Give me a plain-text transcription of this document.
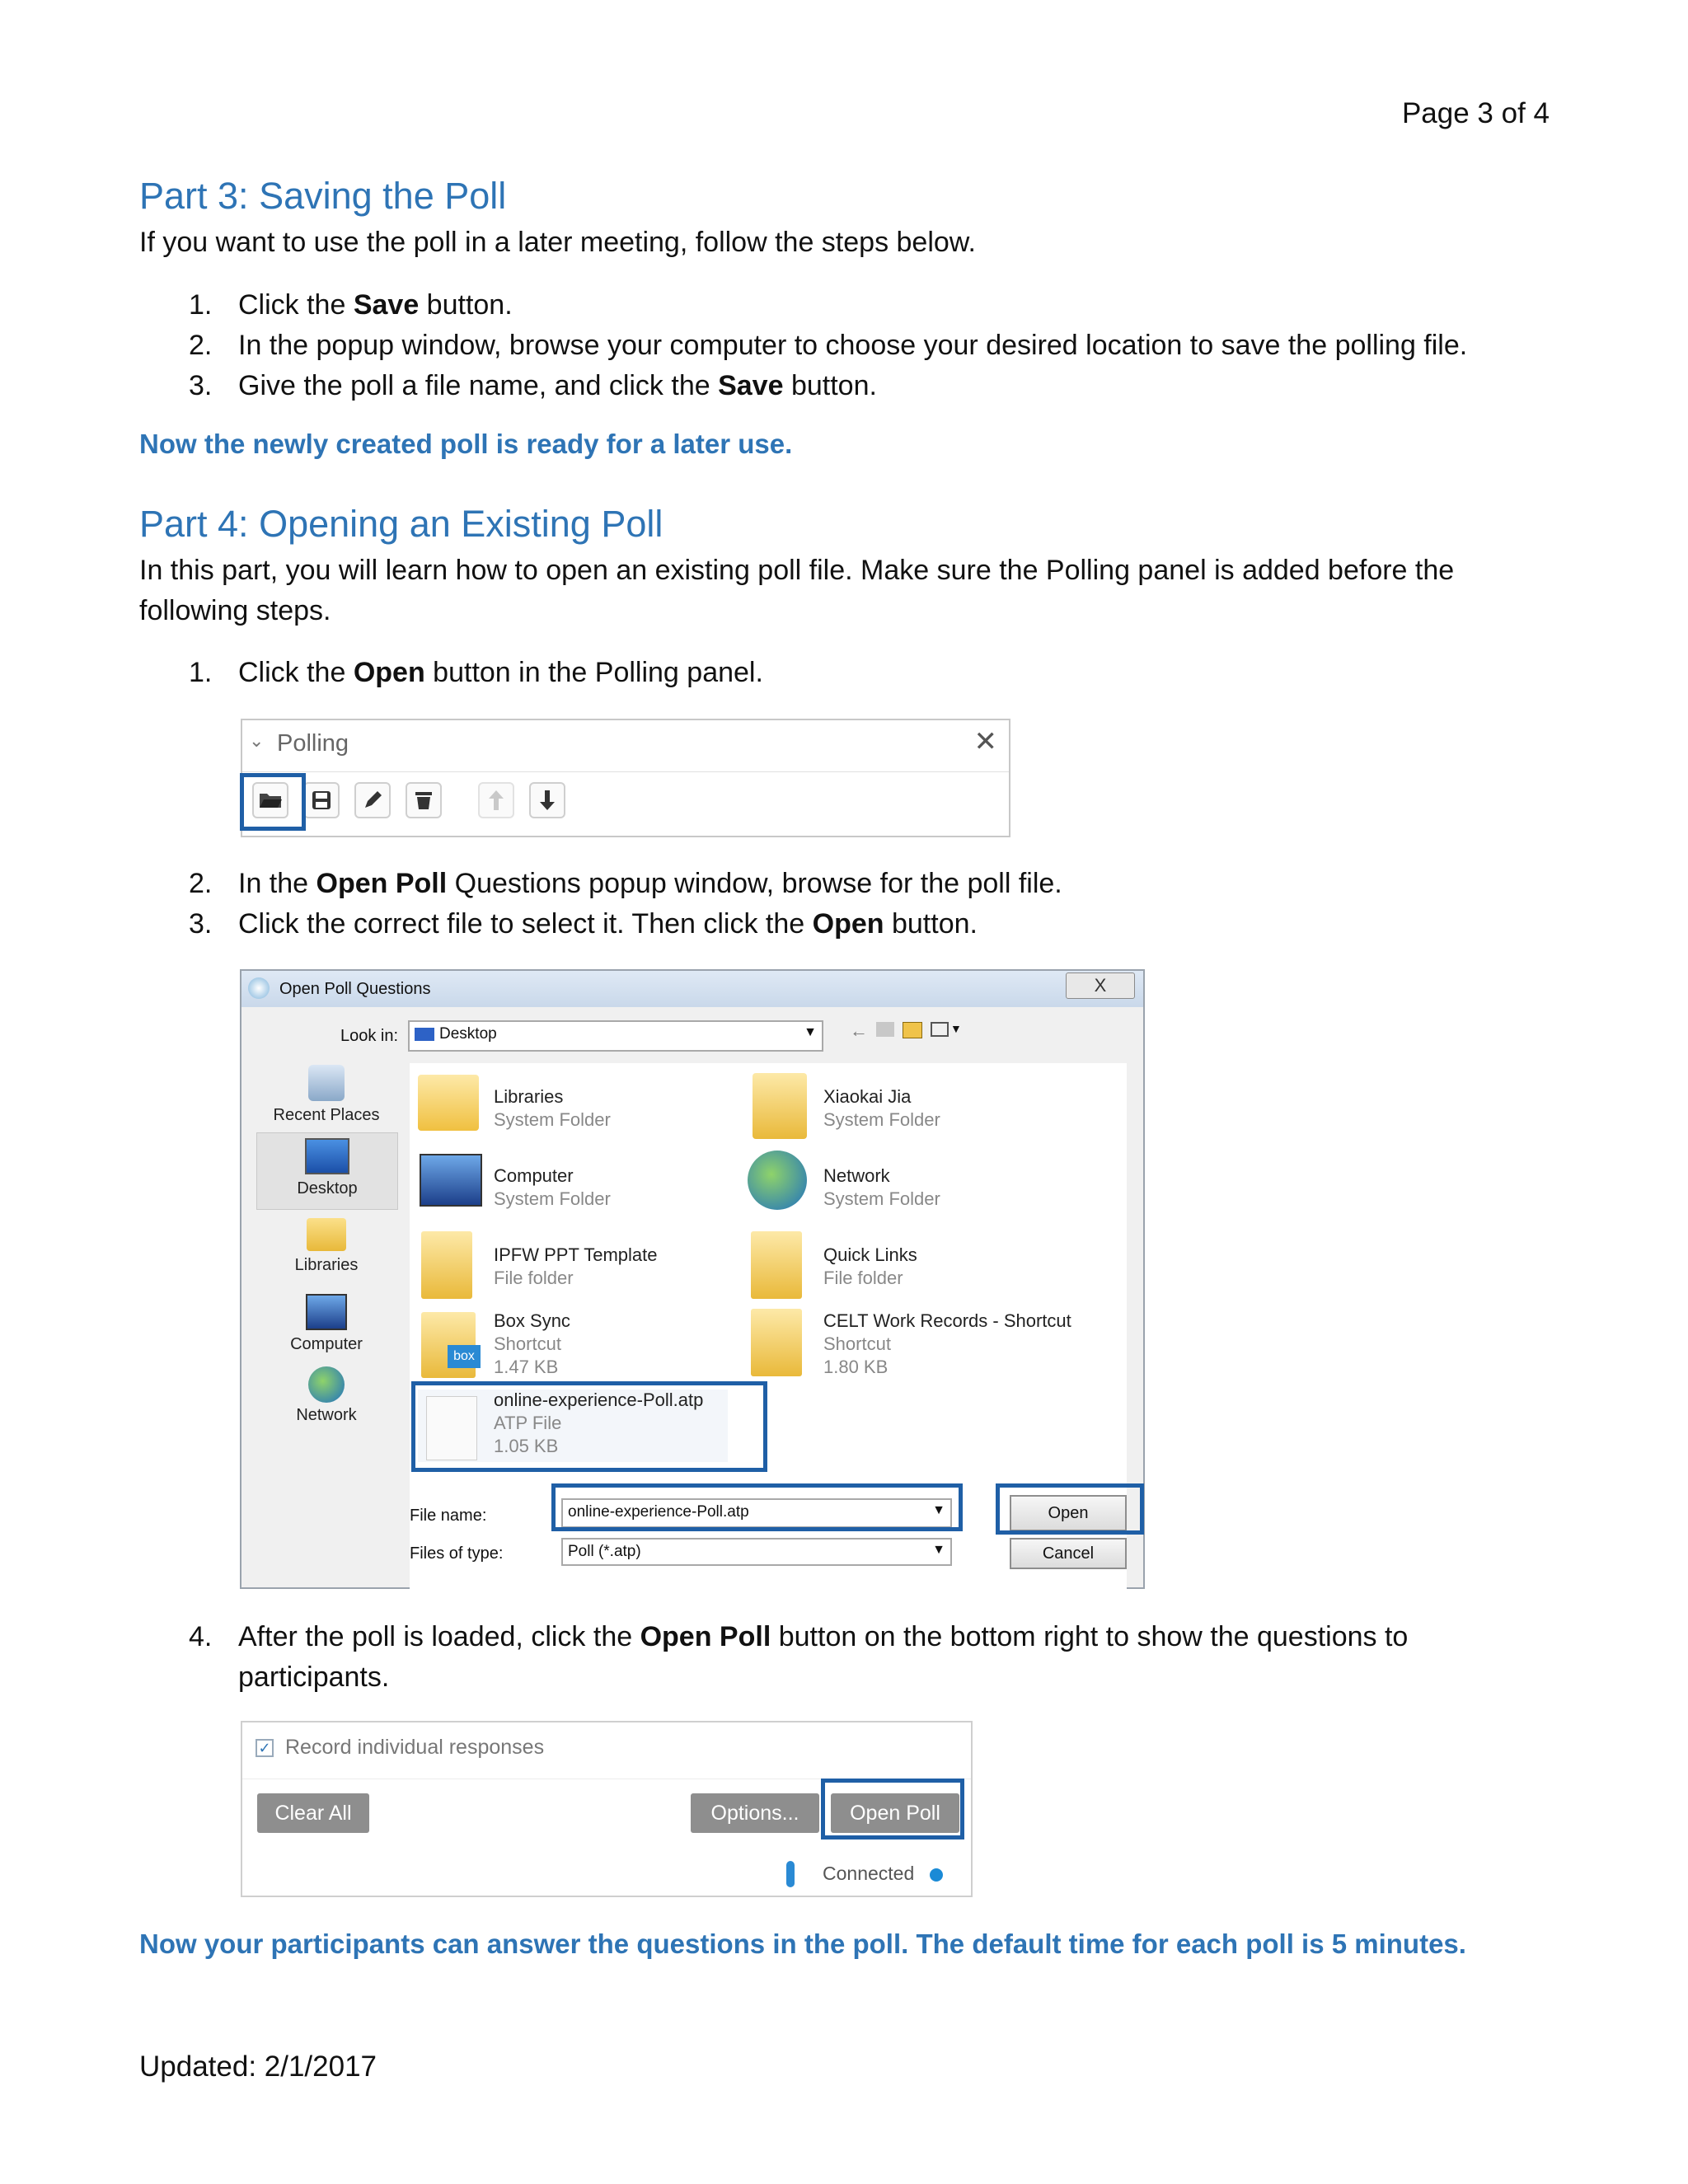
Page 3 of 4
Part 3: Saving the Poll
If you want to use the poll in a later meeting, follow the steps below.
1. Click the Save button.
2. In the popup window, browse your computer to choose your desired location to save the polling file.
3. Give the poll a file name, and click the Save button.
Now the newly created poll is ready for a later use.
Part 4: Opening an Existing Poll
In this part, you will learn how to open an existing poll file. Make sure the Polling panel is added before the following steps.
1. Click the Open button in the Polling panel.
⌄ Polling	✕
2. In the Open Poll Questions popup window, browse for the poll file.
3. Click the correct file to select it. Then click the Open button.
Open Poll Questions	X
Look in:	Desktop	▼ ←	▼
Recent Places
Desktop
Libraries
Computer
Network
Libraries
System Folder
Xiaokai Jia
System Folder
Computer
System Folder
Network
System Folder
IPFW PPT Template
File folder
Quick Links
File folder
box
Box Sync
Shortcut
1.47 KB
CELT Work Records - Shortcut
Shortcut
1.80 KB
online-experience-Poll.atp
ATP File
1.05 KB
File name:	online-experience-Poll.atp	▼
Files of type:	Poll (*.atp)	▼
Open
Cancel
4. After the poll is loaded, click the Open Poll button on the bottom right to show the questions to participants.
✓ Record individual responses
Clear All	Options...	Open Poll
Connected
Now your participants can answer the questions in the poll. The default time for each poll is 5 minutes.
Updated: 2/1/2017
